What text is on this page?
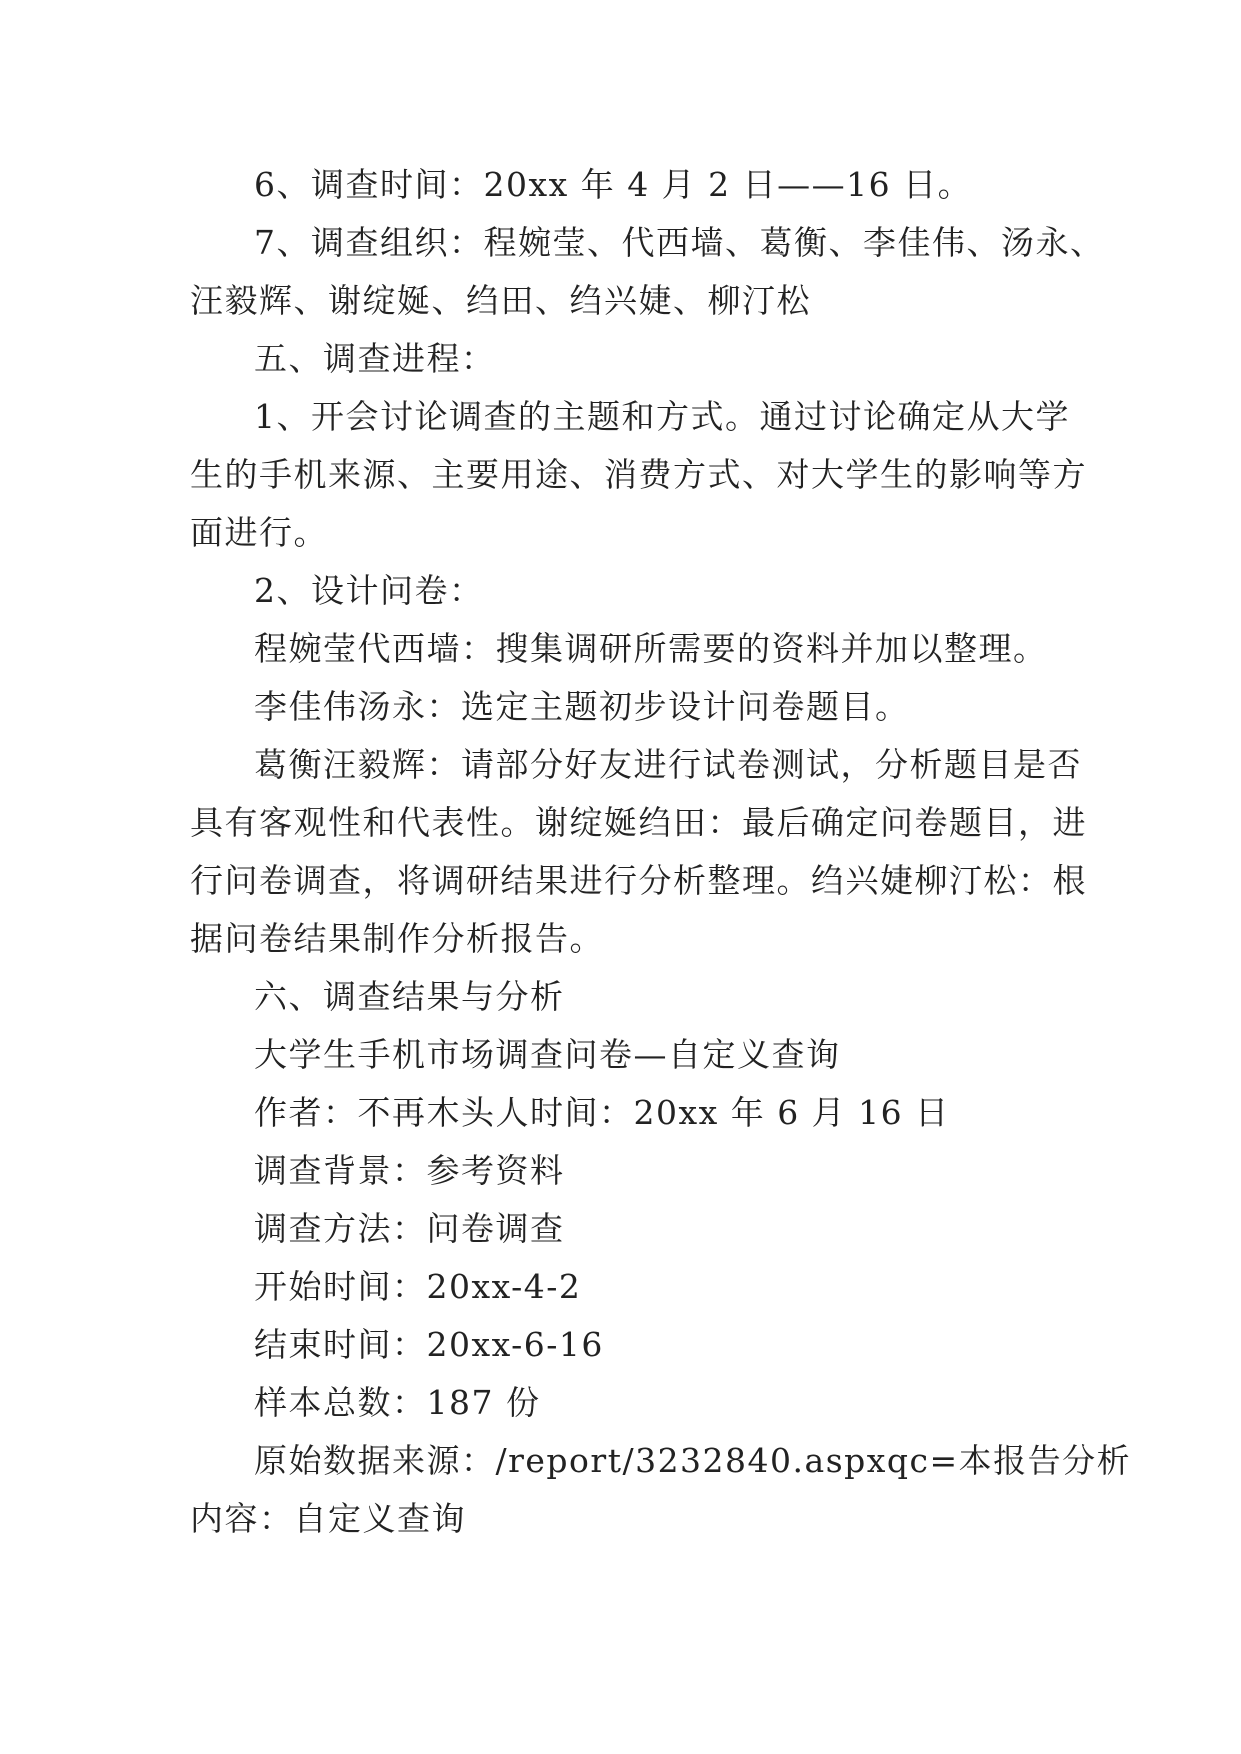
6、调查时间：20xx 年 4 月 2 日——16 日。
7、调查组织：程婉莹、代西墙、葛衡、李佳伟、汤永、
汪毅辉、谢绽娫、绉田、绉兴婕、柳汀松
五、调查进程：
1、开会讨论调查的主题和方式。通过讨论确定从大学
生的手机来源、主要用途、消费方式、对大学生的影响等方
面进行。
2、设计问卷：
程婉莹代西墙：搜集调研所需要的资料并加以整理。
李佳伟汤永：选定主题初步设计问卷题目。
葛衡汪毅辉：请部分好友进行试卷测试，分析题目是否
具有客观性和代表性。谢绽娫绉田：最后确定问卷题目，进
行问卷调查，将调研结果进行分析整理。绉兴婕柳汀松：根
据问卷结果制作分析报告。
六、调查结果与分析
大学生手机市场调查问卷—自定义查询
作者：不再木头人时间：20xx 年 6 月 16 日
调查背景：参考资料
调查方法：问卷调查
开始时间：20xx-4-2
结束时间：20xx-6-16
样本总数：187 份
原始数据来源：/report/3232840.aspxqc=本报告分析
内容：自定义查询
